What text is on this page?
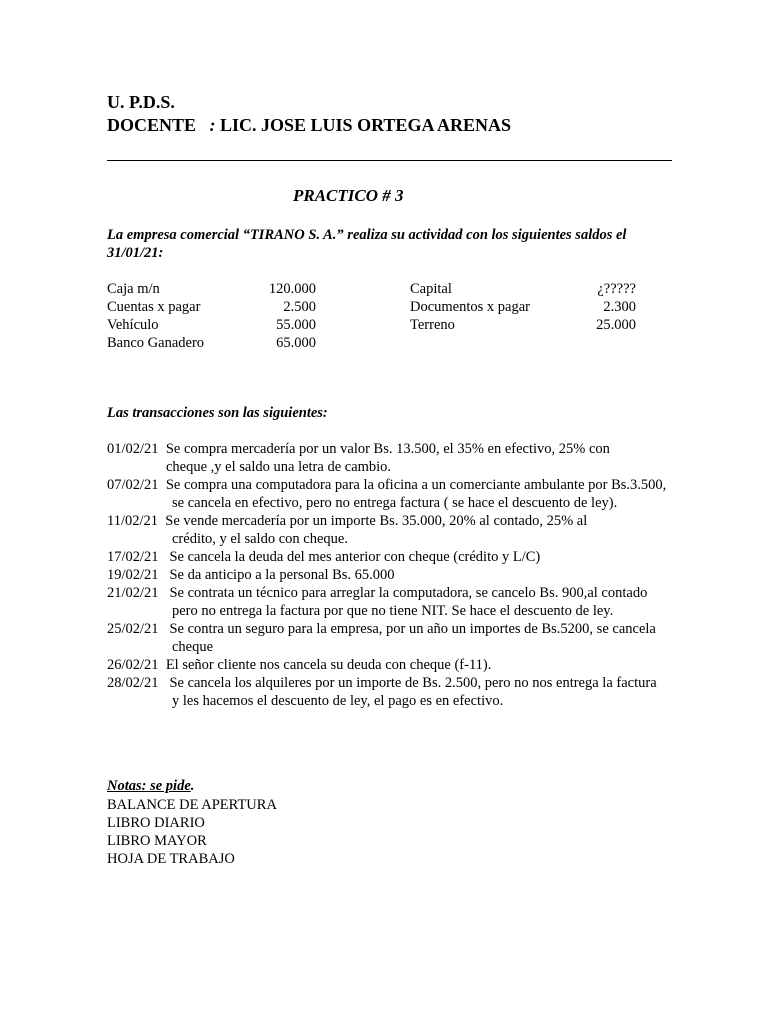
U. P.D.S.
DOCENTE : LIC. JOSE LUIS ORTEGA ARENAS
PRACTICO # 3
La empresa comercial “TIRANO S. A.” realiza su actividad con los siguientes saldos el 31/01/21:
Caja m/n	120.000
Cuentas x pagar	2.500
Vehículo	55.000
Banco Ganadero	65.000
Capital	¿?????
Documentos x pagar	2.300
Terreno	25.000
Las transacciones son las siguientes:
01/02/21 Se compra mercadería por un valor Bs. 13.500, el 35% en efectivo, 25% con
cheque ,y el saldo una letra de cambio.
07/02/21 Se compra una computadora para la oficina a un comerciante ambulante por Bs.3.500,
se cancela en efectivo, pero no entrega factura ( se hace el descuento de ley).
11/02/21 Se vende mercadería por un importe Bs. 35.000, 20% al contado, 25% al
crédito, y el saldo con cheque.
17/02/21 Se cancela la deuda del mes anterior con cheque (crédito y L/C)
19/02/21 Se da anticipo a la personal Bs. 65.000
21/02/21 Se contrata un técnico para arreglar la computadora, se cancelo Bs. 900,al contado
pero no entrega la factura por que no tiene NIT. Se hace el descuento de ley.
25/02/21 Se contra un seguro para la empresa, por un año un importes de Bs.5200, se cancela
cheque
26/02/21 El señor cliente nos cancela su deuda con cheque (f-11).
28/02/21 Se cancela los alquileres por un importe de Bs. 2.500, pero no nos entrega la factura
y les hacemos el descuento de ley, el pago es en efectivo.
Notas: se pide.
BALANCE DE APERTURA
LIBRO DIARIO
LIBRO MAYOR
HOJA DE TRABAJO
